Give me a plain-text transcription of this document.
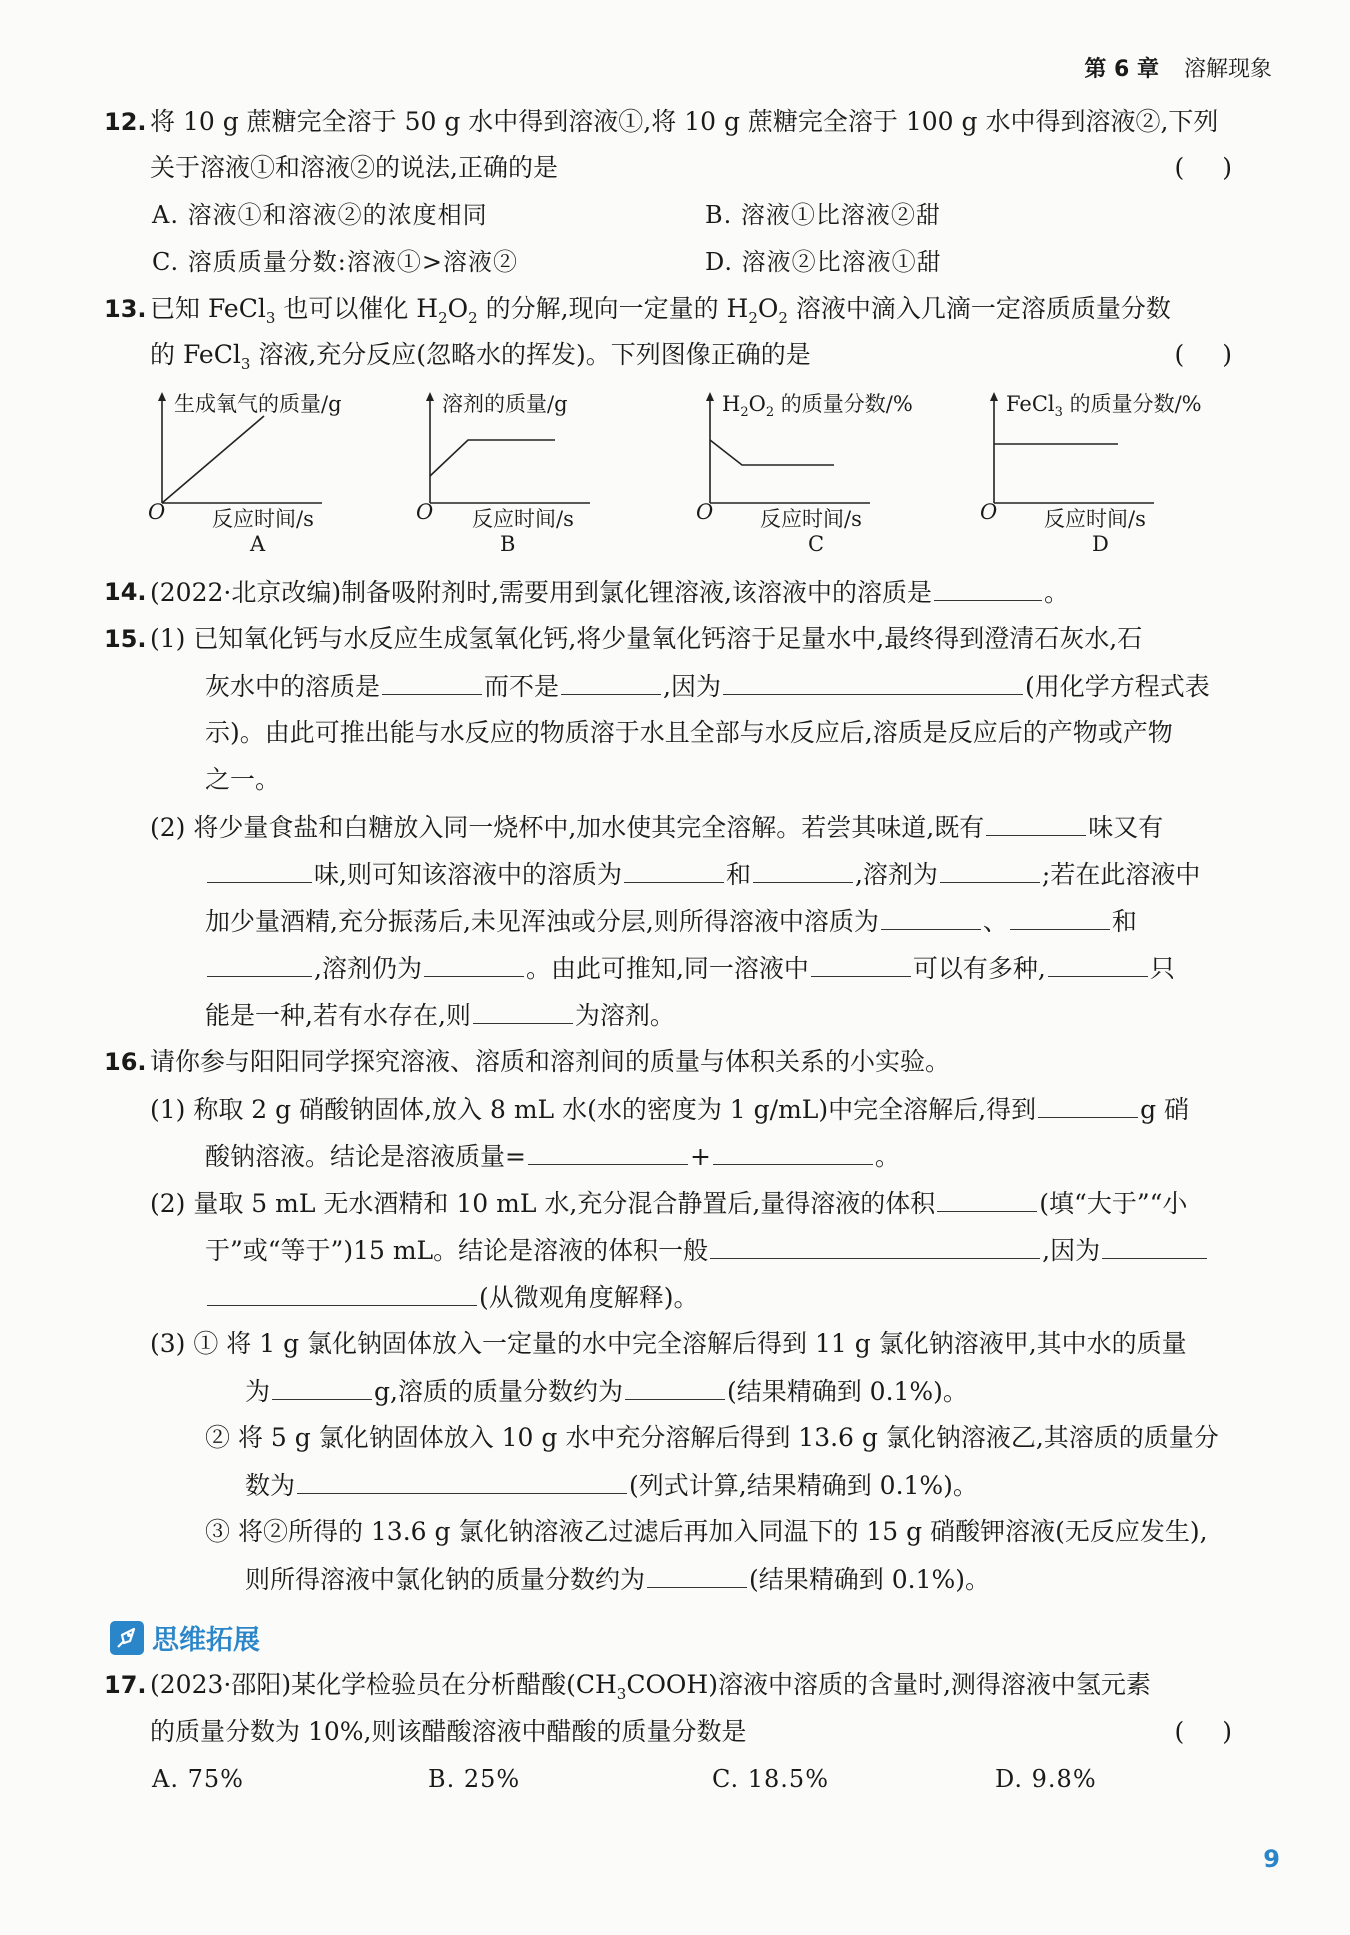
第 6 章 溶解现象
12. 将 10 g 蔗糖完全溶于 50 g 水中得到溶液①,将 10 g 蔗糖完全溶于 100 g 水中得到溶液②,下列
关于溶液①和溶液②的说法,正确的是	()
A. 溶液①和溶液②的浓度相同	B. 溶液①比溶液②甜
C. 溶质质量分数:溶液①>溶液②	D. 溶液②比溶液①甜
13. 已知 FeCl$_3$ 也可以催化 $H_2O_2$ 的分解,现向一定量的 $H_2O_2$ 溶液中滴入几滴一定溶质质量分数
的 FeCl$_3$ 溶液,充分反应(忽略水的挥发)。下列图像正确的是	()
生成氧气的质量/g
O 反应时间/s
A
溶剂的质量/g
O 反应时间/s
B
$H_2O_2$ 的质量分数/%
O 反应时间/s
C
FeCl$_3$ 的质量分数/%
O 反应时间/s
D
14. (2022·北京改编)制备吸附剂时,需要用到氯化锂溶液,该溶液中的溶质是	。
15. (1) 已知氧化钙与水反应生成氢氧化钙,将少量氧化钙溶于足量水中,最终得到澄清石灰水,石
灰水中的溶质是	而不是	,因为	(用化学方程式表
示)。由此可推出能与水反应的物质溶于水且全部与水反应后,溶质是反应后的产物或产物
之一。
(2) 将少量食盐和白糖放入同一烧杯中,加水使其完全溶解。若尝其味道,既有	味又有
味,则可知该溶液中的溶质为	和	,溶剂为	;若在此溶液中
加少量酒精,充分振荡后,未见浑浊或分层,则所得溶液中溶质为	、	和
,溶剂仍为	。由此可推知,同一溶液中	可以有多种,	只
能是一种,若有水存在,则	为溶剂。
16. 请你参与阳阳同学探究溶液、溶质和溶剂间的质量与体积关系的小实验。
(1) 称取 2 g 硝酸钠固体,放入 8 mL 水(水的密度为 1 g/mL)中完全溶解后,得到	g 硝
酸钠溶液。结论是溶液质量=	+	。
(2) 量取 5 mL 无水酒精和 10 mL 水,充分混合静置后,量得溶液的体积	(填“大于”“小
于”或“等于”)15 mL。结论是溶液的体积一般	,因为
(从微观角度解释)。
(3) ① 将 1 g 氯化钠固体放入一定量的水中完全溶解后得到 11 g 氯化钠溶液甲,其中水的质量
为	g,溶质的质量分数约为	(结果精确到 0.1%)。
② 将 5 g 氯化钠固体放入 10 g 水中充分溶解后得到 13.6 g 氯化钠溶液乙,其溶质的质量分
数为	(列式计算,结果精确到 0.1%)。
③ 将②所得的 13.6 g 氯化钠溶液乙过滤后再加入同温下的 15 g 硝酸钾溶液(无反应发生),
则所得溶液中氯化钠的质量分数约为	(结果精确到 0.1%)。
思维拓展
17. (2023·邵阳)某化学检验员在分析醋酸$(CH_3COOH)$溶液中溶质的含量时,测得溶液中氢元素
的质量分数为 10%,则该醋酸溶液中醋酸的质量分数是	()
A. 75%	B. 25%	C. 18.5%	D. 9.8%
9
